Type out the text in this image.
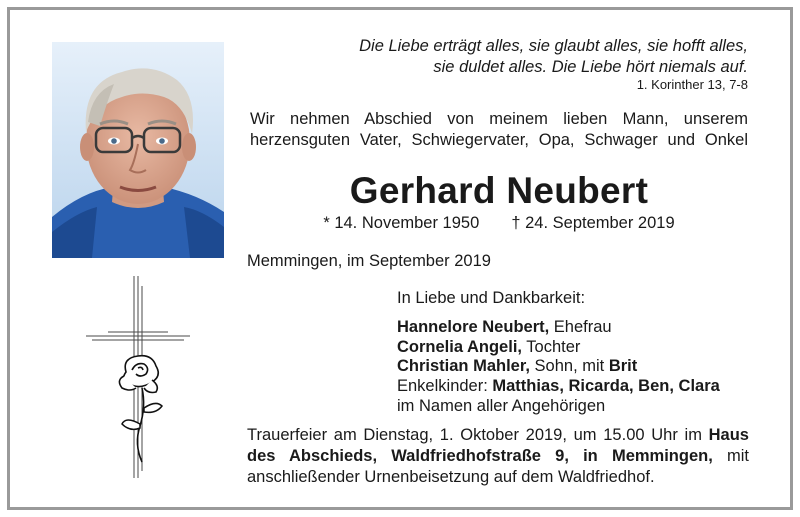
Die Liebe erträgt alles, sie glaubt alles, sie hofft alles,
sie duldet alles. Die Liebe hört niemals auf.
1. Korinther 13, 7-8
Wir nehmen Abschied von meinem lieben Mann, unserem
herzensguten Vater, Schwiegervater, Opa, Schwager und Onkel
Gerhard Neubert
* 14. November 1950 † 24. September 2019
Memmingen, im September 2019
In Liebe und Dankbarkeit:
Hannelore Neubert, Ehefrau
Cornelia Angeli, Tochter
Christian Mahler, Sohn, mit Brit
Enkelkinder: Matthias, Ricarda, Ben, Clara
im Namen aller Angehörigen
Trauerfeier am Dienstag, 1. Oktober 2019, um 15.00 Uhr im Haus
des Abschieds, Waldfriedhofstraße 9, in Memmingen, mit
anschließender Urnenbeisetzung auf dem Waldfriedhof.
